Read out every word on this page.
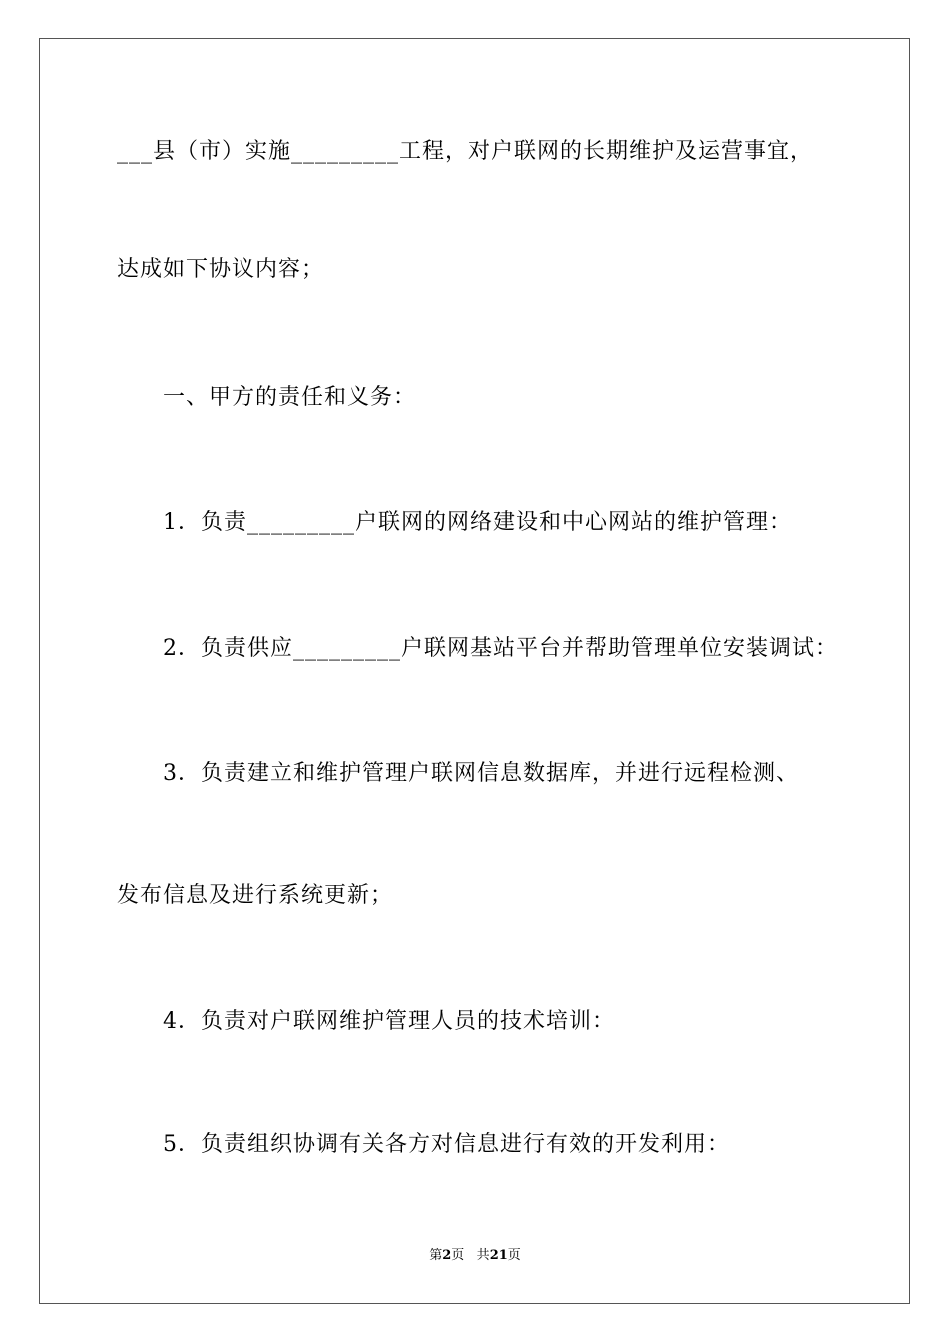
___县（市）实施_________工程，对户联网的长期维护及运营事宜，
达成如下协议内容；
一、甲方的责任和义务：
1．负责_________户联网的网络建设和中心网站的维护管理：
2．负责供应_________户联网基站平台并帮助管理单位安装调试：
3．负责建立和维护管理户联网信息数据库，并进行远程检测、
发布信息及进行系统更新；
4．负责对户联网维护管理人员的技术培训：
5．负责组织协调有关各方对信息进行有效的开发利用：
第2页 共21页
